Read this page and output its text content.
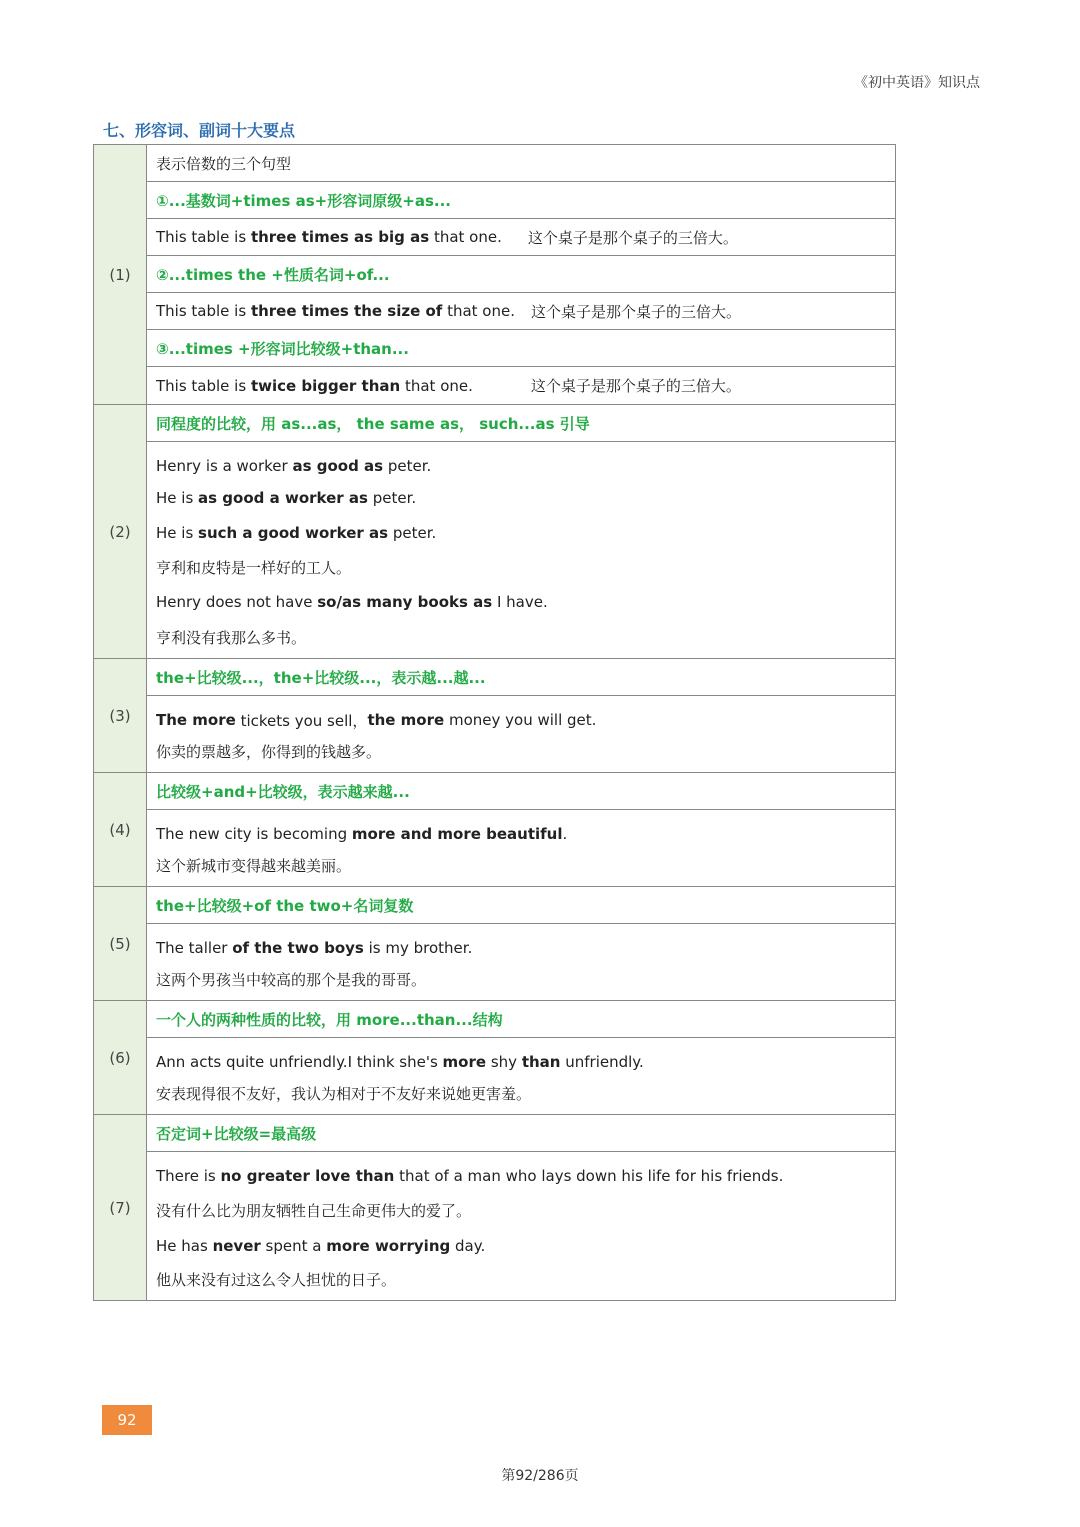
《初中英语》知识点
七、形容词、副词十大要点
(1)
表示倍数的三个句型
①...基数词+times as+形容词原级+as...
This table is three times as big as that one. 这个桌子是那个桌子的三倍大。
②...times the +性质名词+of...
This table is three times the size of that one. 这个桌子是那个桌子的三倍大。
③...times +形容词比较级+than...
This table is twice bigger than that one.	这个桌子是那个桌子的三倍大。
(2)
同程度的比较，用 as...as， the same as， such...as 引导
Henry is a worker as good as peter.
He is as good a worker as peter.
He is such a good worker as peter.
亨利和皮特是一样好的工人。
Henry does not have so/as many books as I have.
亨利没有我那么多书。
(3)
the+比较级...，the+比较级...，表示越...越...
The more tickets you sell， the more money you will get.
你卖的票越多，你得到的钱越多。
(4)
比较级+and+比较级，表示越来越...
The new city is becoming more and more beautiful .
这个新城市变得越来越美丽。
(5)
the+比较级+of the two+名词复数
The taller of the two boys is my brother.
这两个男孩当中较高的那个是我的哥哥。
(6)
一个人的两种性质的比较，用 more...than...结构
Ann acts quite unfriendly.I think she's more shy than unfriendly.
安表现得很不友好，我认为相对于不友好来说她更害羞。
(7)
否定词+比较级=最高级
There is no greater love than that of a man who lays down his life for his friends.
没有什么比为朋友牺牲自己生命更伟大的爱了。
He has never spent a more worrying day.
他从来没有过这么令人担忧的日子。
92
第92/286页
